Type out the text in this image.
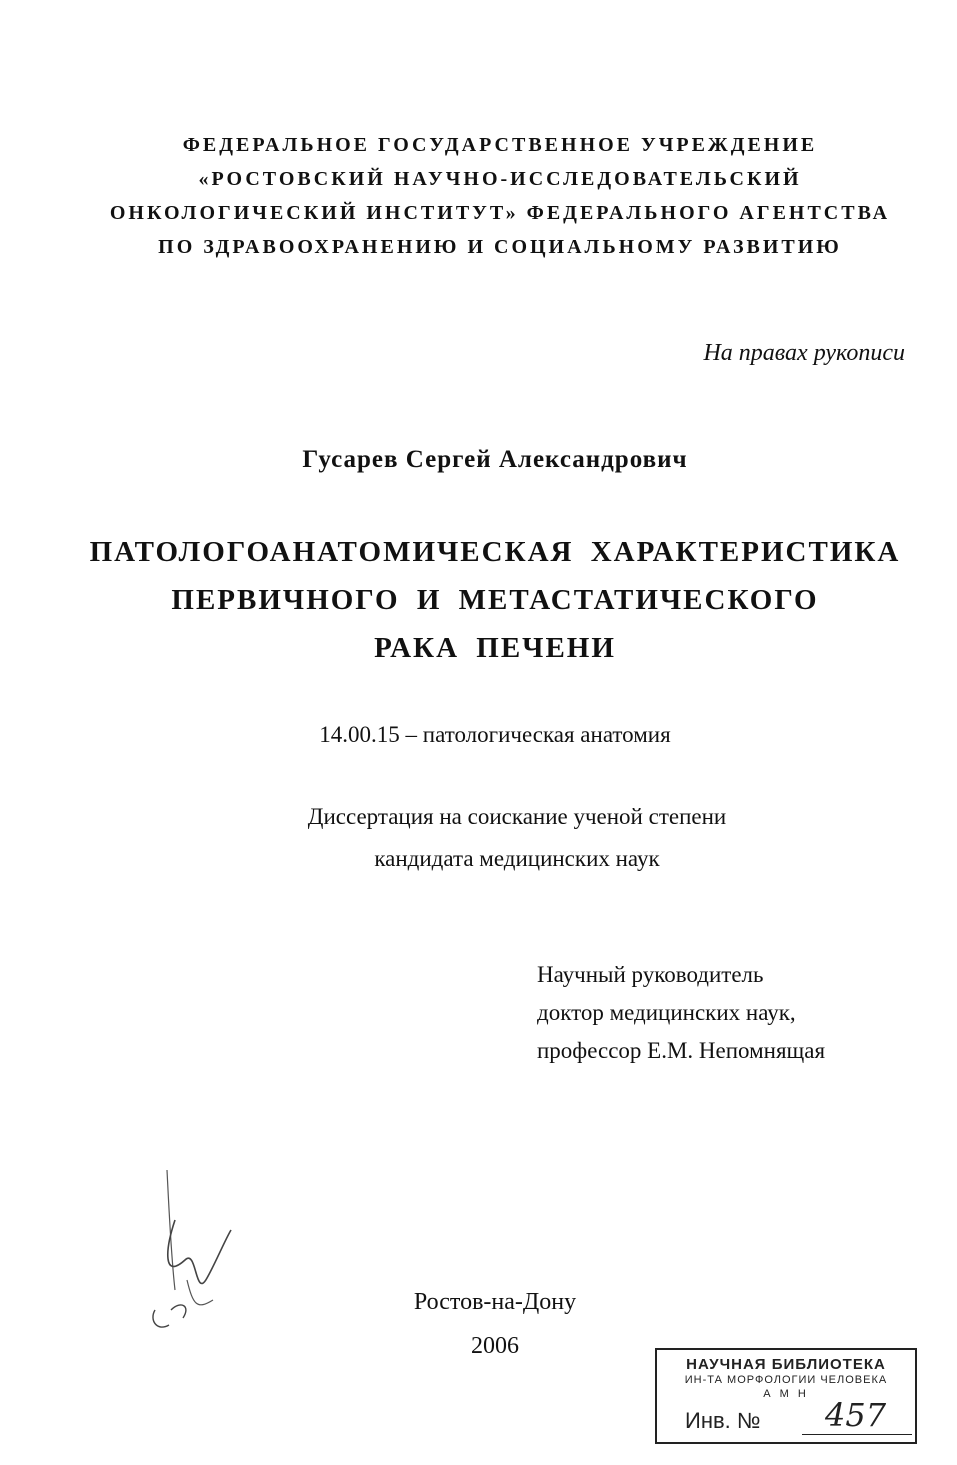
ФЕДЕРАЛЬНОЕ ГОСУДАРСТВЕННОЕ УЧРЕЖДЕНИЕ
«РОСТОВСКИЙ НАУЧНО-ИССЛЕДОВАТЕЛЬСКИЙ
ОНКОЛОГИЧЕСКИЙ ИНСТИТУТ» ФЕДЕРАЛЬНОГО АГЕНТСТВА
ПО ЗДРАВООХРАНЕНИЮ И СОЦИАЛЬНОМУ РАЗВИТИЮ
На правах рукописи
Гусарев Сергей Александрович
ПАТОЛОГОАНАТОМИЧЕСКАЯ ХАРАКТЕРИСТИКА
ПЕРВИЧНОГО И МЕТАСТАТИЧЕСКОГО
РАКА ПЕЧЕНИ
14.00.15 – патологическая анатомия
Диссертация на соискание ученой степени
кандидата медицинских наук
Научный руководитель
доктор медицинских наук,
профессор Е.М. Непомнящая
Ростов-на-Дону
2006
НАУЧНАЯ БИБЛИОТЕКА
ИН-ТА МОРФОЛОГИИ ЧЕЛОВЕКА
А М Н
Инв. № 457
